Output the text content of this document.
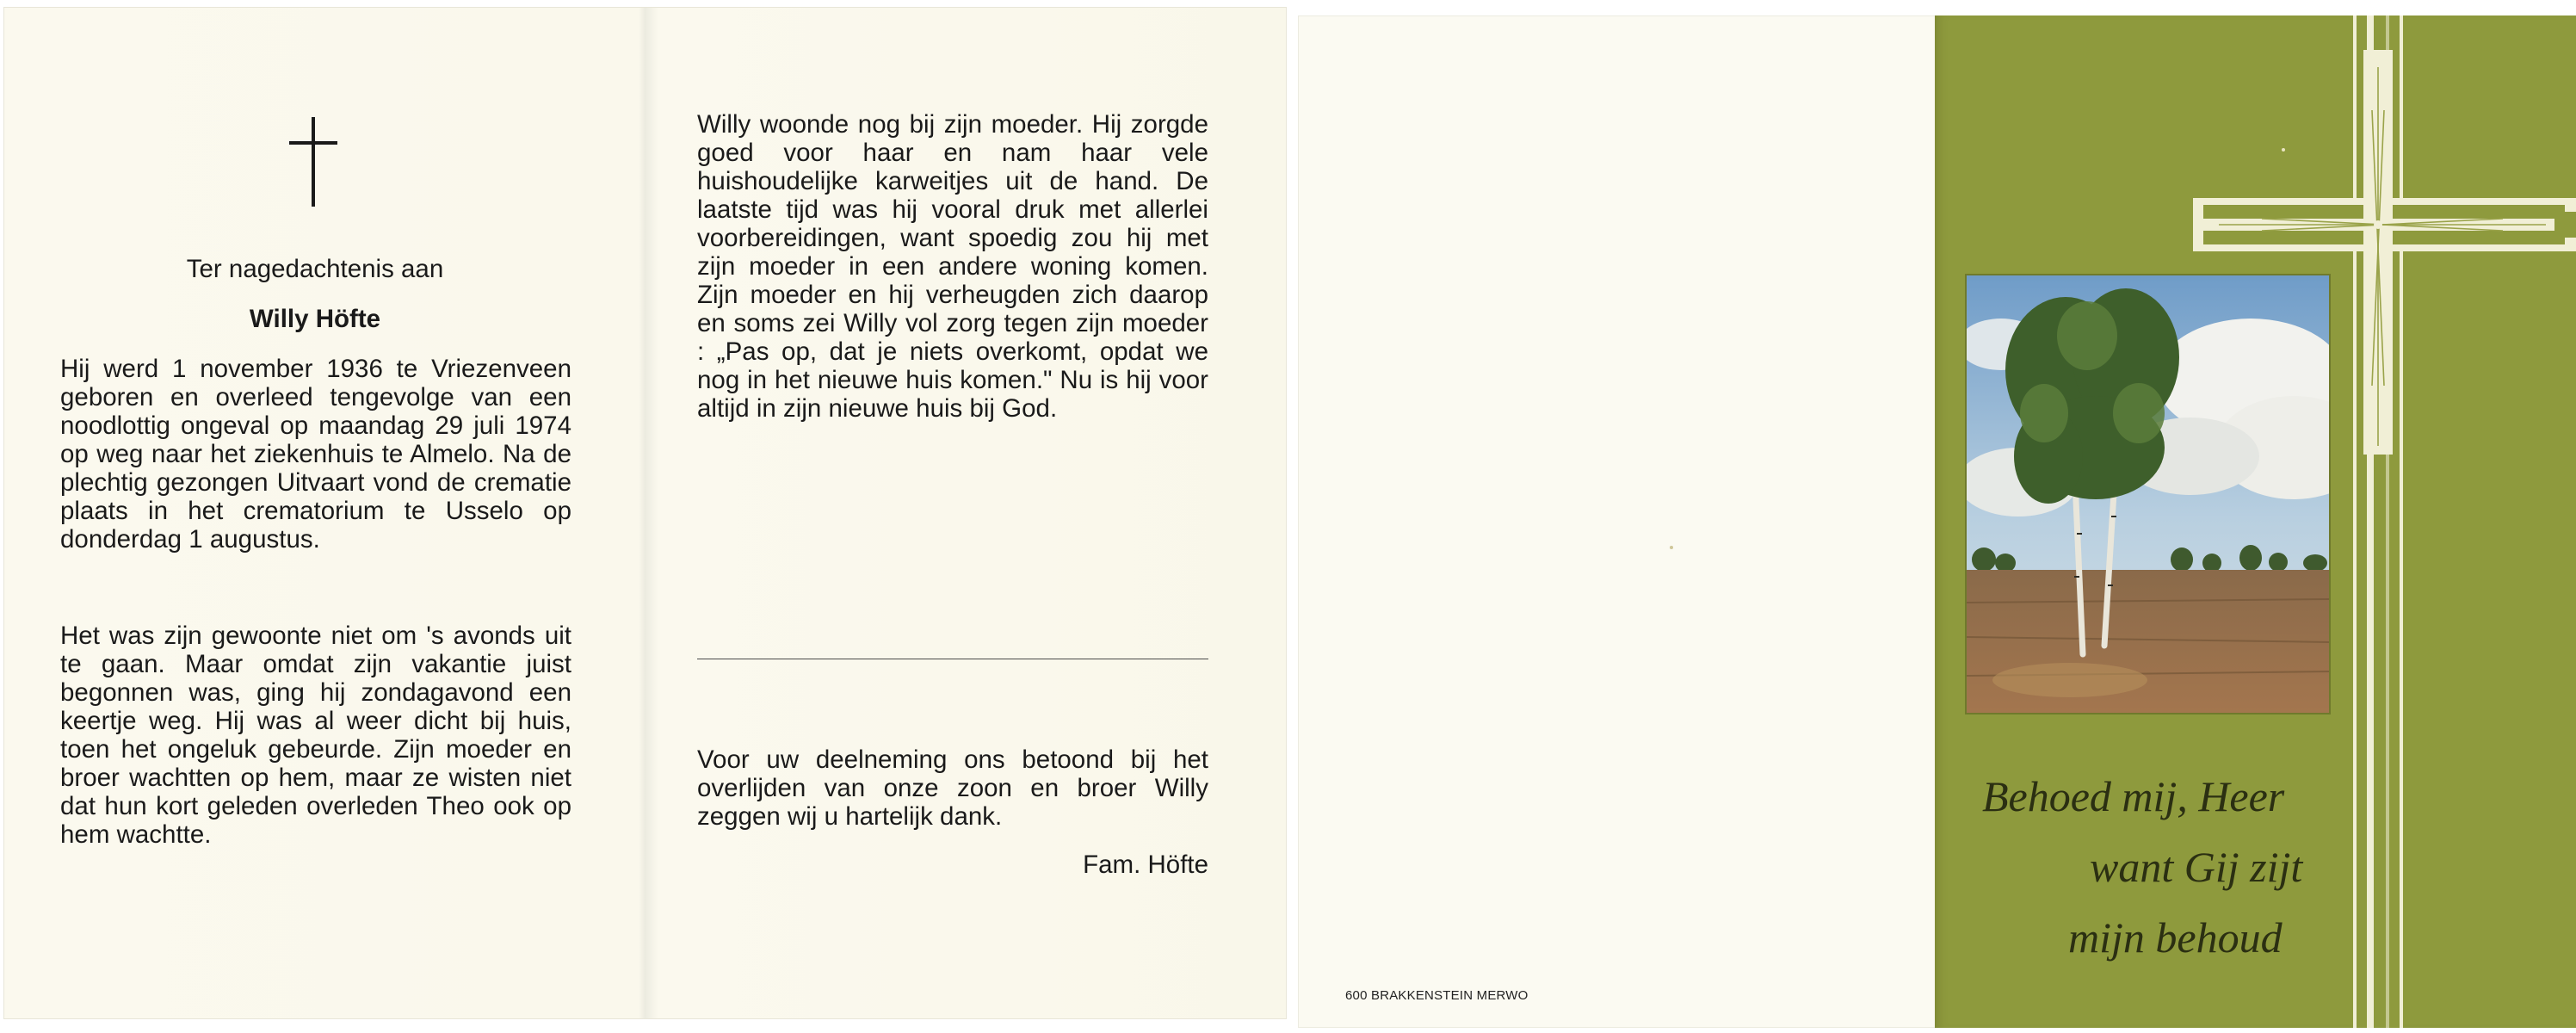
Ter nagedachtenis aan
Willy Höfte

Hij werd 1 november 1936 te Vriezenveen geboren en overleed tengevolge van een noodlottig ongeval op maandag 29 juli 1974 op weg naar het ziekenhuis te Almelo. Na de plechtig gezongen Uitvaart vond de crematie plaats in het crematorium te Usselo op donderdag 1 augustus.

Het was zijn gewoonte niet om 's avonds uit te gaan. Maar omdat zijn vakantie juist begonnen was, ging hij zondagavond een keertje weg. Hij was al weer dicht bij huis, toen het ongeluk gebeurde. Zijn moeder en broer wachtten op hem, maar ze wisten niet dat hun kort geleden overleden Theo ook op hem wachtte.

Willy woonde nog bij zijn moeder. Hij zorgde goed voor haar en nam haar vele huishoudelijke karweitjes uit de hand. De laatste tijd was hij vooral druk met allerlei voorbereidingen, want spoedig zou hij met zijn moeder in een andere woning komen. Zijn moeder en hij verheugden zich daarop en soms zei Willy vol zorg tegen zijn moeder : „Pas op, dat je niets overkomt, opdat we nog in het nieuwe huis komen." Nu is hij voor altijd in zijn nieuwe huis bij God.

Voor uw deelneming ons betoond bij het overlijden van onze zoon en broer Willy zeggen wij u hartelijk dank.

Fam. Höfte
600 BRAKKENSTEIN MERWO
Behoed mij, Heer
want Gij zijt
mijn behoud
